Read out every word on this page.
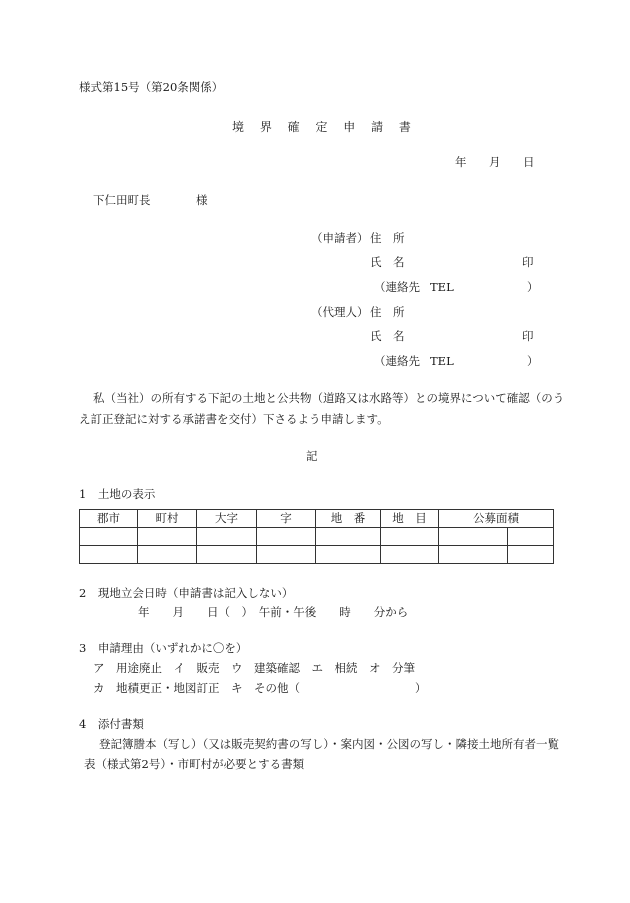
様式第15号（第20条関係）
境 界 確 定 申 請 書
年 月 日
下仁田町長	様
（申請者） 住　所
氏　名	印
（連絡先 TEL	）
（代理人） 住　所
氏　名	印
（連絡先 TEL	）
私（当社）の所有する下記の土地と公共物（道路又は水路等）との境界について確認（のう
え訂正登記に対する承諾書を交付）下さるよう申請します。
記
1　土地の表示
郡市	町村	大字	字	地　番	地　目	公募面積	

2　現地立会日時（申請書は記入しない）
年　　月　　日（　）　午前・午後　　時　　分から
3　申請理由（いずれかに〇を）
ア　用途廃止　イ　販売　ウ　建築確認　エ　相続　オ　分筆
カ　地積更正・地図訂正　キ　その他（　　　　　　　　　　）
4　添付書類
登記簿謄本（写し）（又は販売契約書の写し）・案内図・公図の写し・隣接土地所有者一覧
表（様式第2号）・市町村が必要とする書類
